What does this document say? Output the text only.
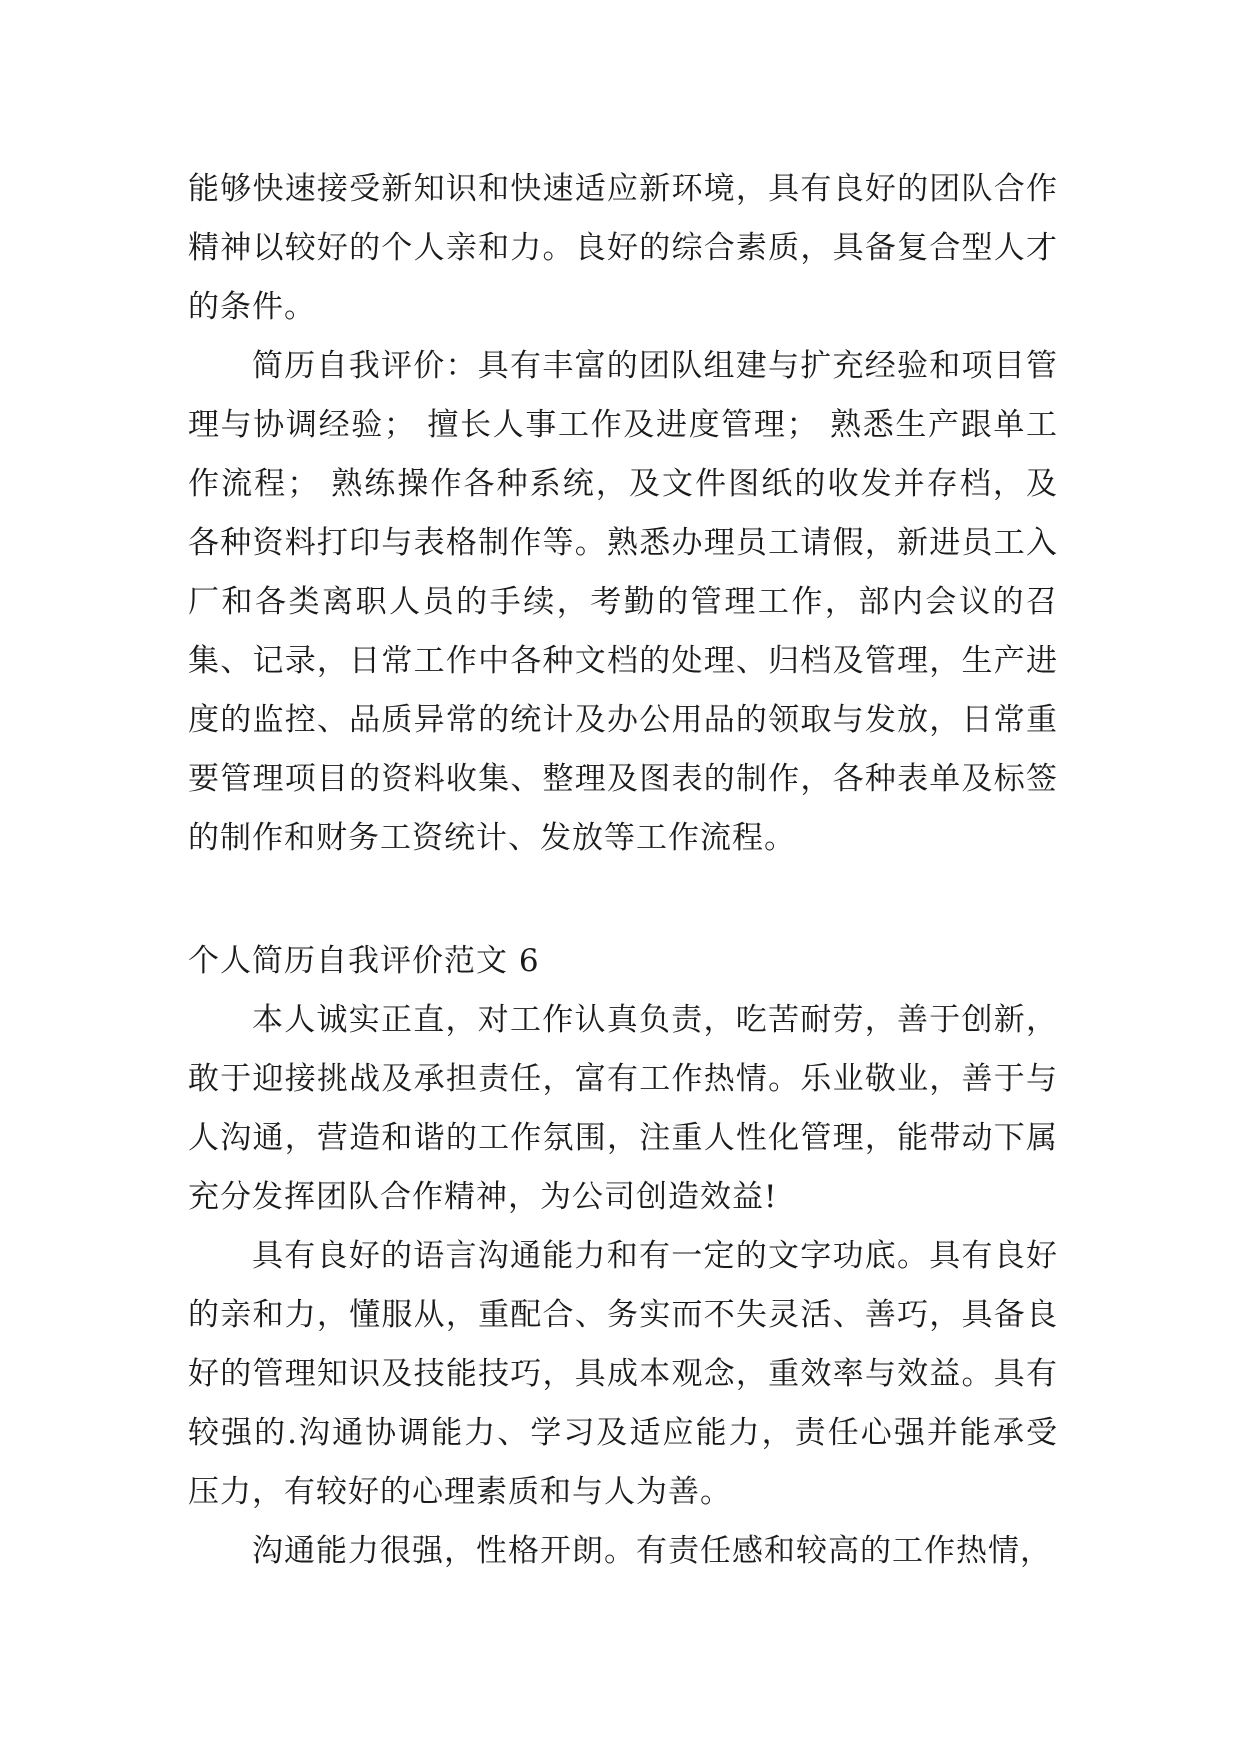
能够快速接受新知识和快速适应新环境，具有良好的团队合作精神以较好的个人亲和力。良好的综合素质，具备复合型人才的条件。

简历自我评价：具有丰富的团队组建与扩充经验和项目管理与协调经验； 擅长人事工作及进度管理； 熟悉生产跟单工作流程； 熟练操作各种系统，及文件图纸的收发并存档，及各种资料打印与表格制作等。熟悉办理员工请假，新进员工入厂和各类离职人员的手续，考勤的管理工作，部内会议的召集、记录，日常工作中各种文档的处理、归档及管理，生产进度的监控、品质异常的统计及办公用品的领取与发放，日常重要管理项目的资料收集、整理及图表的制作，各种表单及标签的制作和财务工资统计、发放等工作流程。

个人简历自我评价范文 6

本人诚实正直，对工作认真负责，吃苦耐劳，善于创新，敢于迎接挑战及承担责任，富有工作热情。乐业敬业，善于与人沟通，营造和谐的工作氛围，注重人性化管理，能带动下属充分发挥团队合作精神，为公司创造效益!

具有良好的语言沟通能力和有一定的文字功底。具有良好的亲和力，懂服从，重配合、务实而不失灵活、善巧，具备良好的管理知识及技能技巧，具成本观念，重效率与效益。具有较强的.沟通协调能力、学习及适应能力，责任心强并能承受压力，有较好的心理素质和与人为善。

沟通能力很强，性格开朗。有责任感和较高的工作热情，
